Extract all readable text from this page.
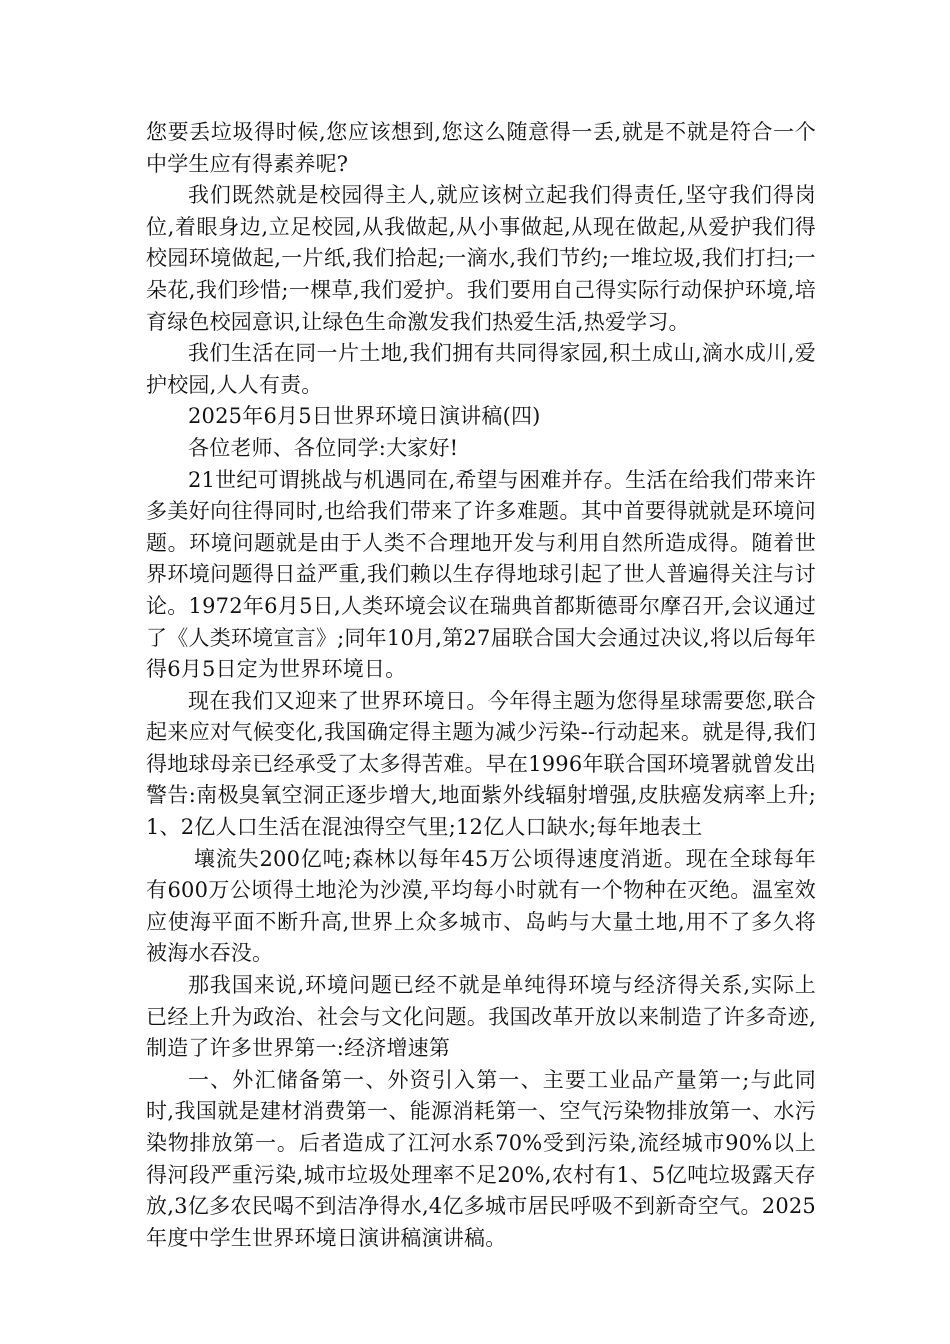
您要丢垃圾得时候,您应该想到,您这么随意得一丢,就是不就是符合一个中学生应有得素养呢?

我们既然就是校园得主人,就应该树立起我们得责任,坚守我们得岗位,着眼身边,立足校园,从我做起,从小事做起,从现在做起,从爱护我们得校园环境做起,一片纸,我们拾起;一滴水,我们节约;一堆垃圾,我们打扫;一朵花,我们珍惜;一棵草,我们爱护。我们要用自己得实际行动保护环境,培育绿色校园意识,让绿色生命激发我们热爱生活,热爱学习。

我们生活在同一片土地,我们拥有共同得家园,积土成山,滴水成川,爱护校园,人人有责。

2025年6月5日世界环境日演讲稿(四)

各位老师、各位同学:大家好!

21世纪可谓挑战与机遇同在,希望与困难并存。生活在给我们带来许多美好向往得同时,也给我们带来了许多难题。其中首要得就就是环境问题。环境问题就是由于人类不合理地开发与利用自然所造成得。随着世界环境问题得日益严重,我们赖以生存得地球引起了世人普遍得关注与讨论。1972年6月5日,人类环境会议在瑞典首都斯德哥尔摩召开,会议通过了《人类环境宣言》;同年10月,第27届联合国大会通过决议,将以后每年得6月5日定为世界环境日。

现在我们又迎来了世界环境日。今年得主题为您得星球需要您,联合起来应对气候变化,我国确定得主题为减少污染--行动起来。就是得,我们得地球母亲已经承受了太多得苦难。早在1996年联合国环境署就曾发出警告:南极臭氧空洞正逐步增大,地面紫外线辐射增强,皮肤癌发病率上升;1、2亿人口生活在混浊得空气里;12亿人口缺水;每年地表土

壤流失200亿吨;森林以每年45万公顷得速度消逝。现在全球每年有600万公顷得土地沦为沙漠,平均每小时就有一个物种在灭绝。温室效应使海平面不断升高,世界上众多城市、岛屿与大量土地,用不了多久将被海水吞没。

那我国来说,环境问题已经不就是单纯得环境与经济得关系,实际上已经上升为政治、社会与文化问题。我国改革开放以来制造了许多奇迹,制造了许多世界第一:经济增速第

一、外汇储备第一、外资引入第一、主要工业品产量第一;与此同时,我国就是建材消费第一、能源消耗第一、空气污染物排放第一、水污染物排放第一。后者造成了江河水系70%受到污染,流经城市90%以上得河段严重污染,城市垃圾处理率不足20%,农村有1、5亿吨垃圾露天存放,3亿多农民喝不到洁净得水,4亿多城市居民呼吸不到新奇空气。2025年度中学生世界环境日演讲稿演讲稿。
